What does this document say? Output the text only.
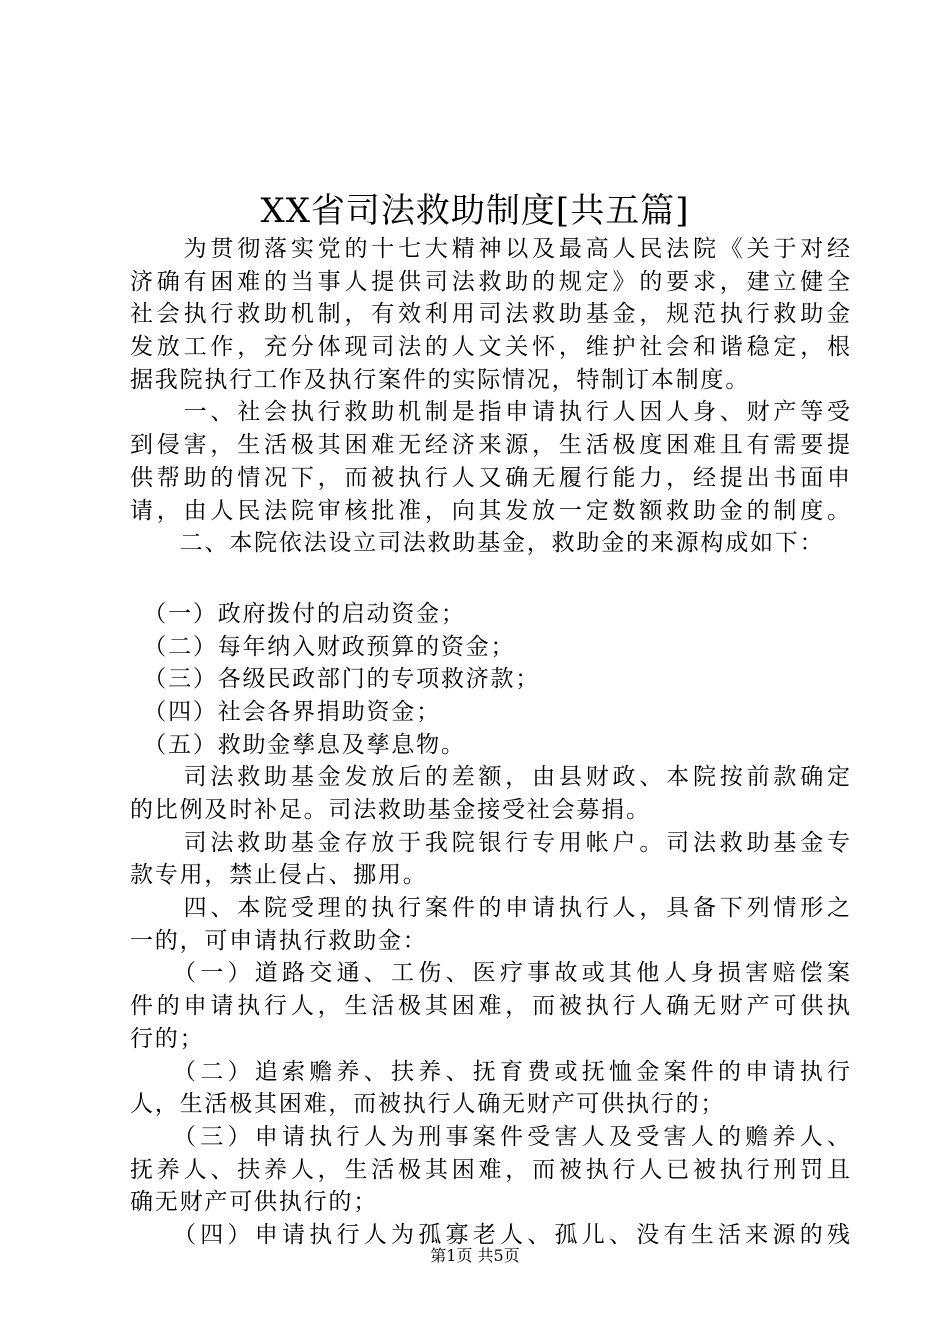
XX省司法救助制度[共五篇]
　　为贯彻落实党的十七大精神以及最高人民法院《关于对经
济确有困难的当事人提供司法救助的规定》的要求，建立健全
社会执行救助机制，有效利用司法救助基金，规范执行救助金
发放工作，充分体现司法的人文关怀，维护社会和谐稳定，根
据我院执行工作及执行案件的实际情况，特制订本制度。
　　一、社会执行救助机制是指申请执行人因人身、财产等受
到侵害，生活极其困难无经济来源，生活极度困难且有需要提
供帮助的情况下，而被执行人又确无履行能力，经提出书面申
请，由人民法院审核批准，向其发放一定数额救助金的制度。
　　二、本院依法设立司法救助基金，救助金的来源构成如下：
　（一）政府拨付的启动资金；
　（二）每年纳入财政预算的资金；
　（三）各级民政部门的专项救济款；
　（四）社会各界捐助资金；
　（五）救助金孳息及孳息物。
　　司法救助基金发放后的差额，由县财政、本院按前款确定
的比例及时补足。司法救助基金接受社会募捐。
　　司法救助基金存放于我院银行专用帐户。司法救助基金专
款专用，禁止侵占、挪用。
　　四、本院受理的执行案件的申请执行人，具备下列情形之
一的，可申请执行救助金：
　　（一）道路交通、工伤、医疗事故或其他人身损害赔偿案
件的申请执行人，生活极其困难，而被执行人确无财产可供执
行的；
　　（二）追索赡养、扶养、抚育费或抚恤金案件的申请执行
人，生活极其困难，而被执行人确无财产可供执行的；
　　（三）申请执行人为刑事案件受害人及受害人的赡养人、
抚养人、扶养人，生活极其困难，而被执行人已被执行刑罚且
确无财产可供执行的；
　　（四）申请执行人为孤寡老人、孤儿、没有生活来源的残
第1页 共5页
